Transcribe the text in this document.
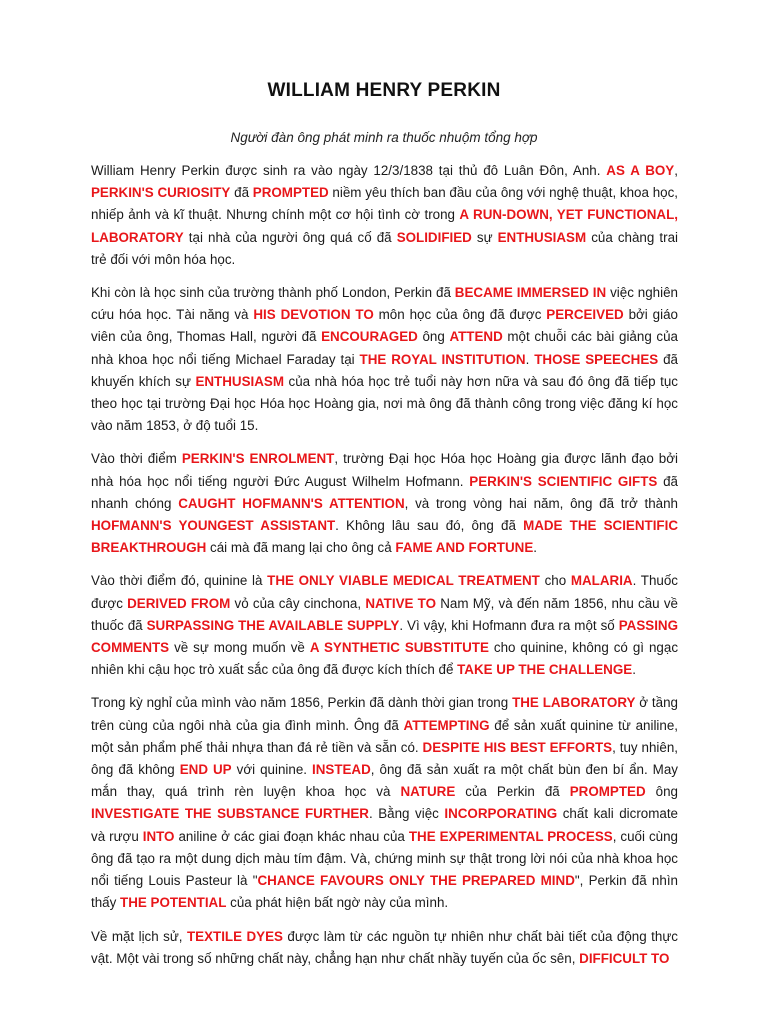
WILLIAM HENRY PERKIN
Người đàn ông phát minh ra thuốc nhuộm tổng hợp

William Henry Perkin được sinh ra vào ngày 12/3/1838 tại thủ đô Luân Đôn, Anh. AS A BOY, PERKIN'S CURIOSITY đã PROMPTED niềm yêu thích ban đầu của ông với nghệ thuật, khoa học, nhiếp ảnh và kĩ thuật. Nhưng chính một cơ hội tình cờ trong A RUN-DOWN, YET FUNCTIONAL, LABORATORY tại nhà của người ông quá cố đã SOLIDIFIED sự ENTHUSIASM của chàng trai trẻ đối với môn hóa học.

Khi còn là học sinh của trường thành phố London, Perkin đã BECAME IMMERSED IN việc nghiên cứu hóa học. Tài năng và HIS DEVOTION TO môn học của ông đã được PERCEIVED bởi giáo viên của ông, Thomas Hall, người đã ENCOURAGED ông ATTEND một chuỗi các bài giảng của nhà khoa học nổi tiếng Michael Faraday tại THE ROYAL INSTITUTION. THOSE SPEECHES đã khuyến khích sự ENTHUSIASM của nhà hóa học trẻ tuổi này hơn nữa và sau đó ông đã tiếp tục theo học tại trường Đại học Hóa học Hoàng gia, nơi mà ông đã thành công trong việc đăng kí học vào năm 1853, ở độ tuổi 15.

Vào thời điểm PERKIN'S ENROLMENT, trường Đại học Hóa học Hoàng gia được lãnh đạo bởi nhà hóa học nổi tiếng người Đức August Wilhelm Hofmann. PERKIN'S SCIENTIFIC GIFTS đã nhanh chóng CAUGHT HOFMANN'S ATTENTION, và trong vòng hai năm, ông đã trở thành HOFMANN'S YOUNGEST ASSISTANT. Không lâu sau đó, ông đã MADE THE SCIENTIFIC BREAKTHROUGH cái mà đã mang lại cho ông cả FAME AND FORTUNE.

Vào thời điểm đó, quinine là THE ONLY VIABLE MEDICAL TREATMENT cho MALARIA. Thuốc được DERIVED FROM vỏ của cây cinchona, NATIVE TO Nam Mỹ, và đến năm 1856, nhu cầu về thuốc đã SURPASSING THE AVAILABLE SUPPLY. Vì vậy, khi Hofmann đưa ra một số PASSING COMMENTS về sự mong muốn về A SYNTHETIC SUBSTITUTE cho quinine, không có gì ngạc nhiên khi cậu học trò xuất sắc của ông đã được kích thích để TAKE UP THE CHALLENGE.

Trong kỳ nghỉ của mình vào năm 1856, Perkin đã dành thời gian trong THE LABORATORY ở tầng trên cùng của ngôi nhà của gia đình mình. Ông đã ATTEMPTING để sản xuất quinine từ aniline, một sản phẩm phế thải nhựa than đá rẻ tiền và sẵn có. DESPITE HIS BEST EFFORTS, tuy nhiên, ông đã không END UP với quinine. INSTEAD, ông đã sản xuất ra một chất bùn đen bí ẩn. May mắn thay, quá trình rèn luyện khoa học và NATURE của Perkin đã PROMPTED ông INVESTIGATE THE SUBSTANCE FURTHER. Bằng việc INCORPORATING chất kali dicromate và rượu INTO aniline ở các giai đoạn khác nhau của THE EXPERIMENTAL PROCESS, cuối cùng ông đã tạo ra một dung dịch màu tím đậm. Và, chứng minh sự thật trong lời nói của nhà khoa học nổi tiếng Louis Pasteur là "CHANCE FAVOURS ONLY THE PREPARED MIND", Perkin đã nhìn thấy THE POTENTIAL của phát hiện bất ngờ này của mình.

Về mặt lịch sử, TEXTILE DYES được làm từ các nguồn tự nhiên như chất bài tiết của động thực vật. Một vài trong số những chất này, chẳng hạn như chất nhầy tuyến của ốc sên, DIFFICULT TO
